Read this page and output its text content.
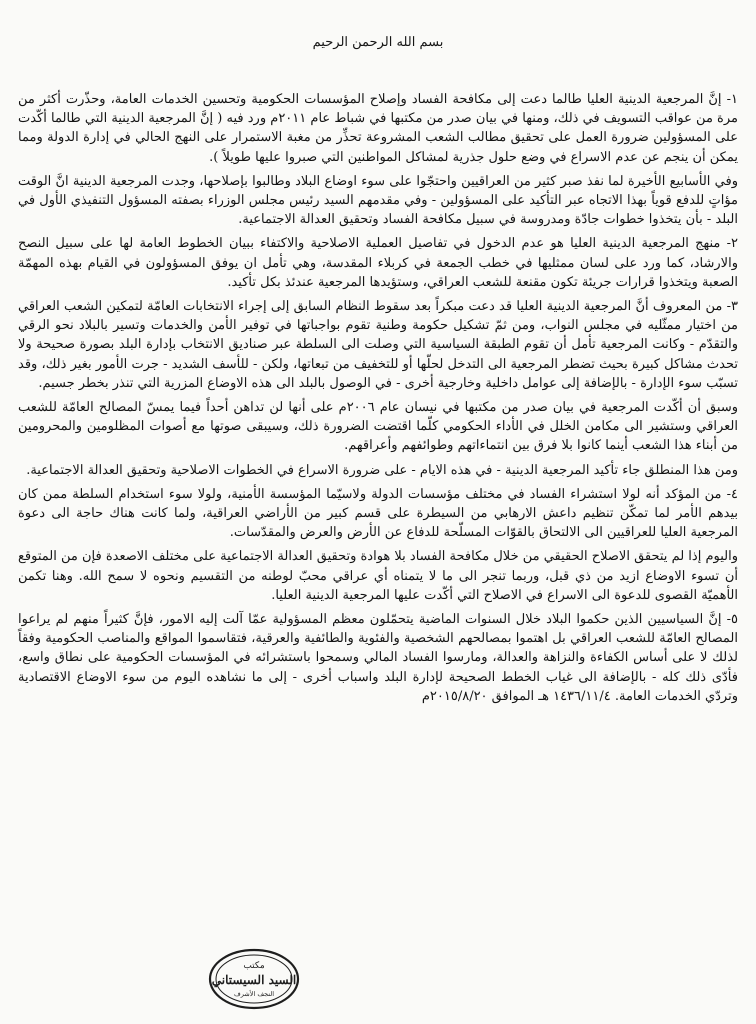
بسم الله الرحمن الرحيم

١- إنَّ المرجعية الدينية العليا طالما دعت إلى مكافحة الفساد وإصلاح المؤسسات الحكومية وتحسين الخدمات العامة، وحذّرت أكثر من مرة من عواقب التسويف في ذلك، ومنها في بيان صدر من مكتبها في شباط عام ٢٠١١م ورد فيه ( إنَّ المرجعية الدينية التي طالما أكّدت على المسؤولين ضرورة العمل على تحقيق مطالب الشعب المشروعة تحذِّر من مغبة الاستمرار على النهج الحالي في إدارة الدولة ومما يمكن أن ينجم عن عدم الاسراع في وضع حلول جذرية لمشاكل المواطنين التي صبروا عليها طويلاً ).

وفي الأسابيع الأخيرة لما نفذ صبر كثير من العراقيين واحتجّوا على سوء اوضاع البلاد وطالبوا بإصلاحها، وجدت المرجعية الدينية انَّ الوقت مؤاتٍ للدفع قوياً بهذا الاتجاه عبر التأكيد على المسؤولين - وفي مقدمهم السيد رئيس مجلس الوزراء بصفته المسؤول التنفيذي الأول في البلد - بأن يتخذوا خطوات جادّة ومدروسة في سبيل مكافحة الفساد وتحقيق العدالة الاجتماعية.

٢- منهج المرجعية الدينية العليا هو عدم الدخول في تفاصيل العملية الاصلاحية والاكتفاء ببيان الخطوط العامة لها على سبيل النصح والارشاد، كما ورد على لسان ممثليها في خطب الجمعة في كربلاء المقدسة، وهي تأمل ان يوفق المسؤولون في القيام بهذه المهمّة الصعبة ويتخذوا قرارات جريئة تكون مقنعة للشعب العراقي، وستؤيدها المرجعية عندئذ بكل تأكيد.

٣- من المعروف أنَّ المرجعية الدينية العليا قد دعت مبكراً بعد سقوط النظام السابق إلى إجراء الانتخابات العامّة لتمكين الشعب العراقي من اختيار ممثّليه في مجلس النواب، ومن ثمّ تشكيل حكومة وطنية تقوم بواجباتها في توفير الأمن والخدمات وتسير بالبلاد نحو الرقي والتقدّم - وكانت المرجعية تأمل أن تقوم الطبقة السياسية التي وصلت الى السلطة عبر صناديق الانتخاب بإدارة البلد بصورة صحيحة ولا تحدث مشاكل كبيرة بحيث تضطر المرجعية الى التدخل لحلّها أو للتخفيف من تبعاتها، ولكن - للأسف الشديد - جرت الأمور بغير ذلك، وقد تسبّب سوء الإدارة - بالإضافة إلى عوامل داخلية وخارجية أخرى - في الوصول بالبلد الى هذه الاوضاع المزرية التي تنذر بخطر جسيم.

وسبق أن أكّدت المرجعية في بيان صدر من مكتبها في نيسان عام ٢٠٠٦م على أنها لن تداهن أحداً فيما يمسّ المصالح العامّة للشعب العراقي وستشير الى مكامن الخلل في الأداء الحكومي كلّما اقتضت الضرورة ذلك، وسيبقى صوتها مع أصوات المظلومين والمحرومين من أبناء هذا الشعب أينما كانوا بلا فرق بين انتماءاتهم وطوائفهم وأعراقهم.

ومن هذا المنطلق جاء تأكيد المرجعية الدينية - في هذه الايام - على ضرورة الاسراع في الخطوات الاصلاحية وتحقيق العدالة الاجتماعية.

٤- من المؤكد أنه لولا استشراء الفساد في مختلف مؤسسات الدولة ولاسيّما المؤسسة الأمنية، ولولا سوء استخدام السلطة ممن كان بيدهم الأمر لما تمكّن تنظيم داعش الارهابي من السيطرة على قسم كبير من الأراضي العراقية، ولما كانت هناك حاجة الى دعوة المرجعية العليا للعراقيين الى الالتحاق بالقوّات المسلّحة للدفاع عن الأرض والعرض والمقدّسات.

واليوم إذا لم يتحقق الاصلاح الحقيقي من خلال مكافحة الفساد بلا هوادة وتحقيق العدالة الاجتماعية على مختلف الاصعدة فإن من المتوقع أن تسوء الاوضاع ازيد من ذي قبل، وربما تنجر الى ما لا يتمناه أي عراقي محبّ لوطنه من التقسيم ونحوه لا سمح الله. وهنا تكمن الأهميّة القصوى للدعوة الى الاسراع في الاصلاح التي أكّدت عليها المرجعية الدينية العليا.

٥- إنَّ السياسيين الذين حكموا البلاد خلال السنوات الماضية يتحمّلون معظم المسؤولية عمّا آلت إليه الامور، فإنَّ كثيراً منهم لم يراعوا المصالح العامّة للشعب العراقي بل اهتموا بمصالحهم الشخصية والفئوية والطائفية والعرقية، فتقاسموا المواقع والمناصب الحكومية وفقاً لذلك لا على أساس الكفاءة والنزاهة والعدالة، ومارسوا الفساد المالي وسمحوا باستشرائه في المؤسسات الحكومية على نطاق واسع، فأدّى ذلك كله - بالإضافة الى غياب الخطط الصحيحة لإدارة البلد واسباب أخرى - إلى ما نشاهده اليوم من سوء الاوضاع الاقتصادية وتردّي الخدمات العامة. ١٤٣٦/١١/٤ هـ الموافق ٢٠١٥/٨/٢٠م

مكتب
السيد السيستاني
النجف الأشرف
